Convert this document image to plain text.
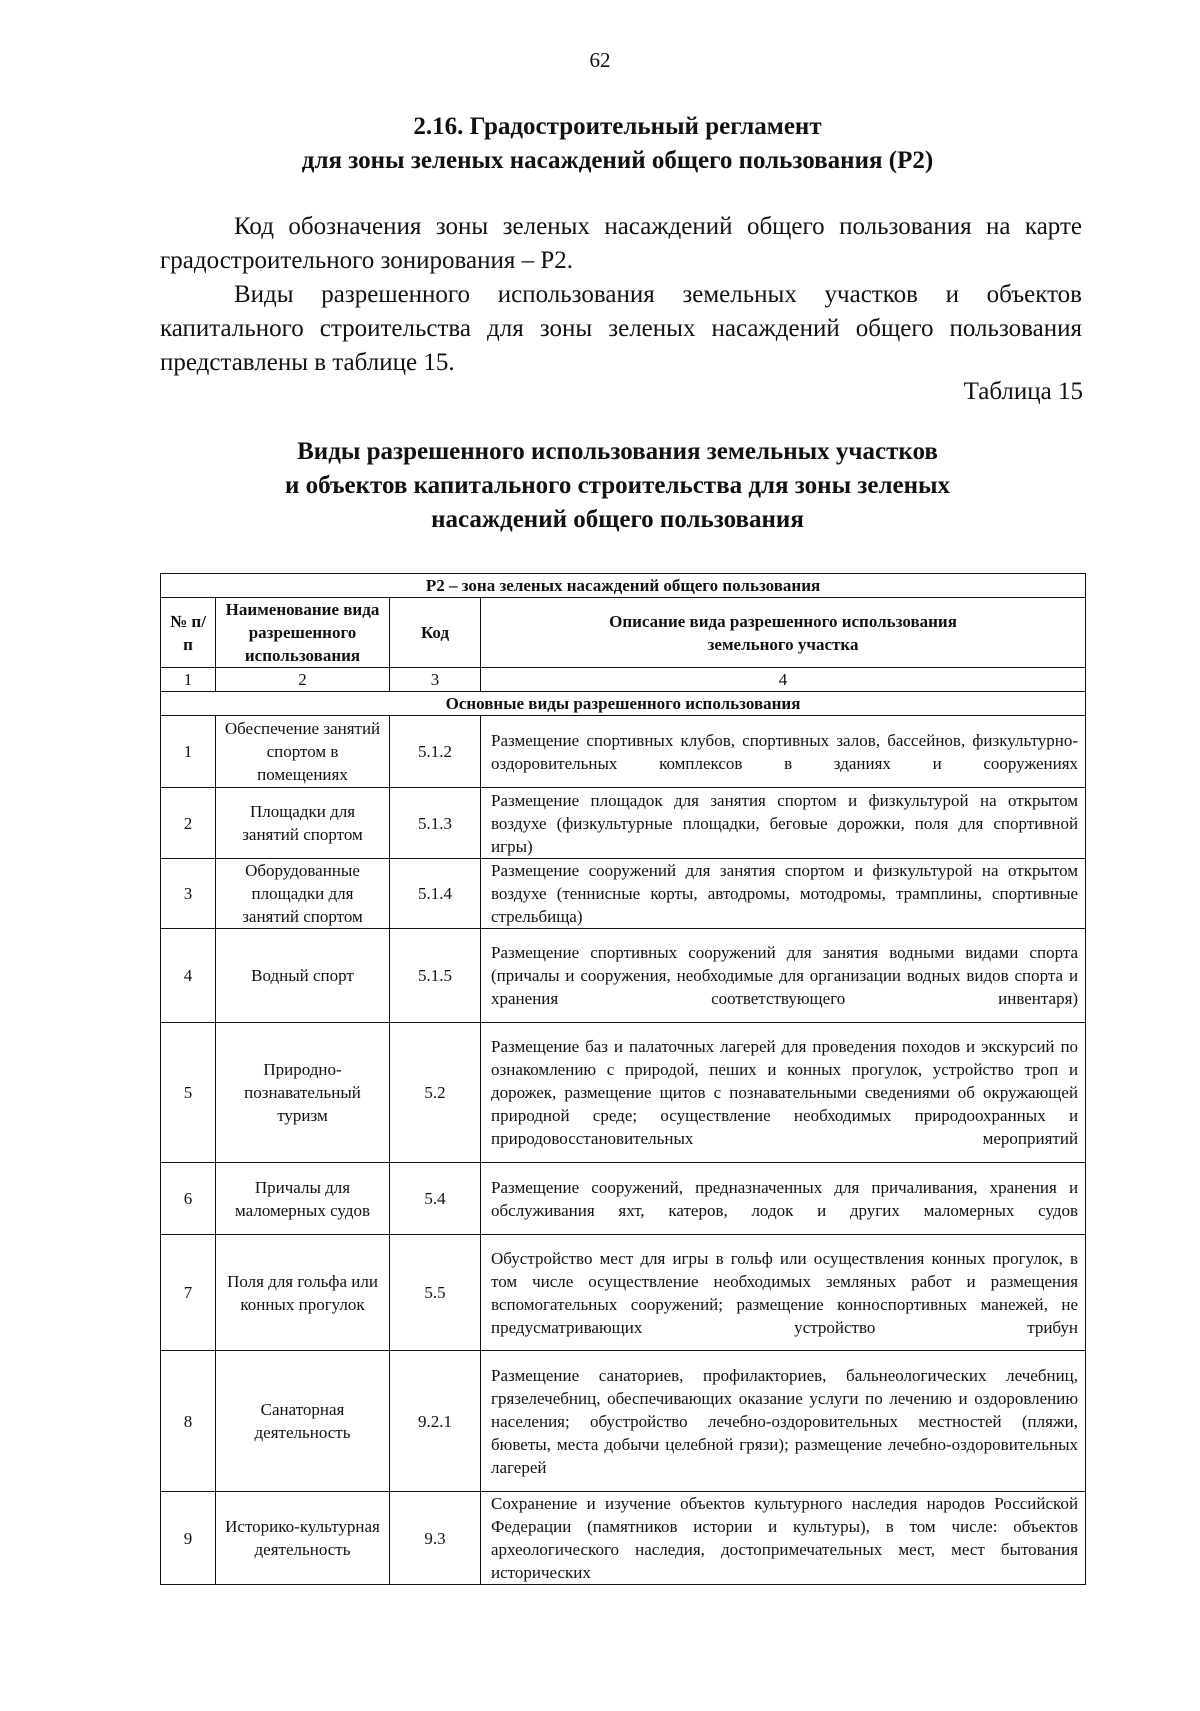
62
2.16. Градостроительный регламент
для зоны зеленых насаждений общего пользования (Р2)
Код обозначения зоны зеленых насаждений общего пользования на карте градостроительного зонирования – Р2.
Виды разрешенного использования земельных участков и объектов капитального строительства для зоны зеленых насаждений общего пользования представлены в таблице 15.
Таблица 15
Виды разрешенного использования земельных участков
и объектов капитального строительства для зоны зеленых
насаждений общего пользования
Р2 – зона зеленых насаждений общего пользования			
№ п/п	Наименование вида разрешенного использования	Код	Описание вида разрешенного использования земельного участка
1	2	3	4
Основные виды разрешенного использования			
1	Обеспечение занятий спортом в помещениях	5.1.2	Размещение спортивных клубов, спортивных залов, бассейнов, физкультурно-оздоровительных комплексов в зданиях и сооружениях
2	Площадки для занятий спортом	5.1.3	Размещение площадок для занятия спортом и физкультурой на открытом воздухе (физкультурные площадки, беговые дорожки, поля для спортивной игры)
3	Оборудованные площадки для занятий спортом	5.1.4	Размещение сооружений для занятия спортом и физкультурой на открытом воздухе (теннисные корты, автодромы, мотодромы, трамплины, спортивные стрельбища)
4	Водный спорт	5.1.5	Размещение спортивных сооружений для занятия водными видами спорта (причалы и сооружения, необходимые для организации водных видов спорта и хранения соответствующего инвентаря)
5	Природно-познавательный туризм	5.2	Размещение баз и палаточных лагерей для проведения походов и экскурсий по ознакомлению с природой, пеших и конных прогулок, устройство троп и дорожек, размещение щитов с познавательными сведениями об окружающей природной среде; осуществление необходимых природоохранных и природовосстановительных мероприятий
6	Причалы для маломерных судов	5.4	Размещение сооружений, предназначенных для причаливания, хранения и обслуживания яхт, катеров, лодок и других маломерных судов
7	Поля для гольфа или конных прогулок	5.5	Обустройство мест для игры в гольф или осуществления конных прогулок, в том числе осуществление необходимых земляных работ и размещения вспомогательных сооружений; размещение конноспортивных манежей, не предусматривающих устройство трибун
8	Санаторная деятельность	9.2.1	Размещение санаториев, профилакториев, бальнеологических лечебниц, грязелечебниц, обеспечивающих оказание услуги по лечению и оздоровлению населения; обустройство лечебно-оздоровительных местностей (пляжи, бюветы, места добычи целебной грязи); размещение лечебно-оздоровительных лагерей
9	Историко-культурная деятельность	9.3	Сохранение и изучение объектов культурного наследия народов Российской Федерации (памятников истории и культуры), в том числе: объектов археологического наследия, достопримечательных мест, мест бытования исторических
